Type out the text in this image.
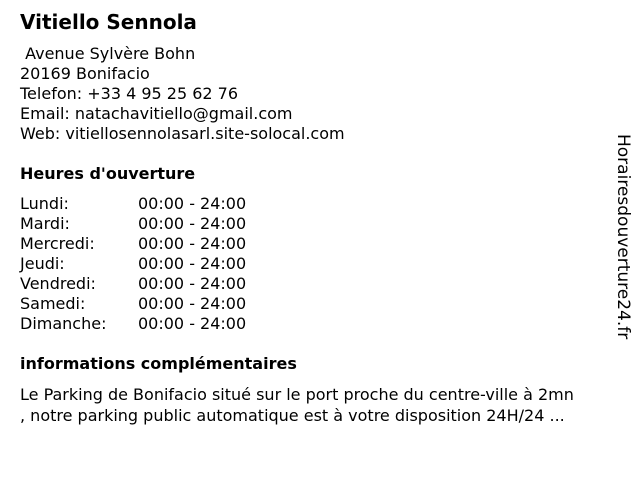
Vitiello Sennola
Avenue Sylvère Bohn
20169 Bonifacio
Telefon: +33 4 95 25 62 76
Email: natachavitiello@gmail.com
Web: vitiellosennolasarl.site-solocal.com
Heures d'ouverture
Lundi:	00:00 - 24:00
Mardi:	00:00 - 24:00
Mercredi:	00:00 - 24:00
Jeudi:	00:00 - 24:00
Vendredi:	00:00 - 24:00
Samedi:	00:00 - 24:00
Dimanche: 00:00 - 24:00
informations complémentaires
Le Parking de Bonifacio situé sur le port proche du centre-ville à 2mn
, notre parking public automatique est à votre disposition 24H/24 ...
Horairesdouverture24.fr
